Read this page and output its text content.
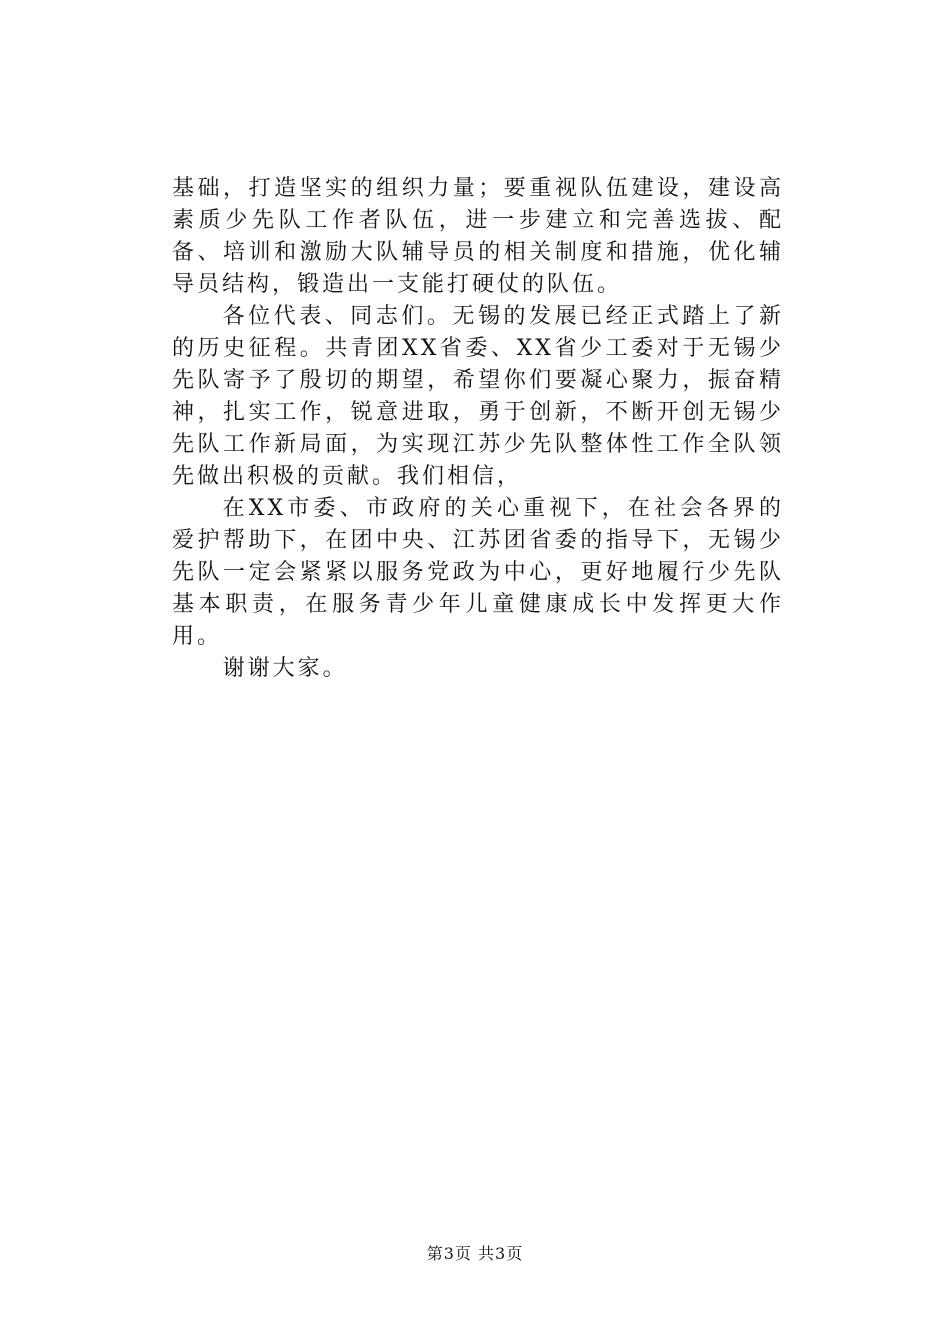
基础，打造坚实的组织力量；要重视队伍建设，建设高素质少先队工作者队伍，进一步建立和完善选拔、配备、培训和激励大队辅导员的相关制度和措施，优化辅导员结构，锻造出一支能打硬仗的队伍。

各位代表、同志们。无锡的发展已经正式踏上了新的历史征程。共青团XX省委、XX省少工委对于无锡少先队寄予了殷切的期望，希望你们要凝心聚力，振奋精神，扎实工作，锐意进取，勇于创新，不断开创无锡少先队工作新局面，为实现江苏少先队整体性工作全队领先做出积极的贡献。我们相信，

在XX市委、市政府的关心重视下，在社会各界的爱护帮助下，在团中央、江苏团省委的指导下，无锡少先队一定会紧紧以服务党政为中心，更好地履行少先队基本职责，在服务青少年儿童健康成长中发挥更大作用。

谢谢大家。

第3页 共3页
